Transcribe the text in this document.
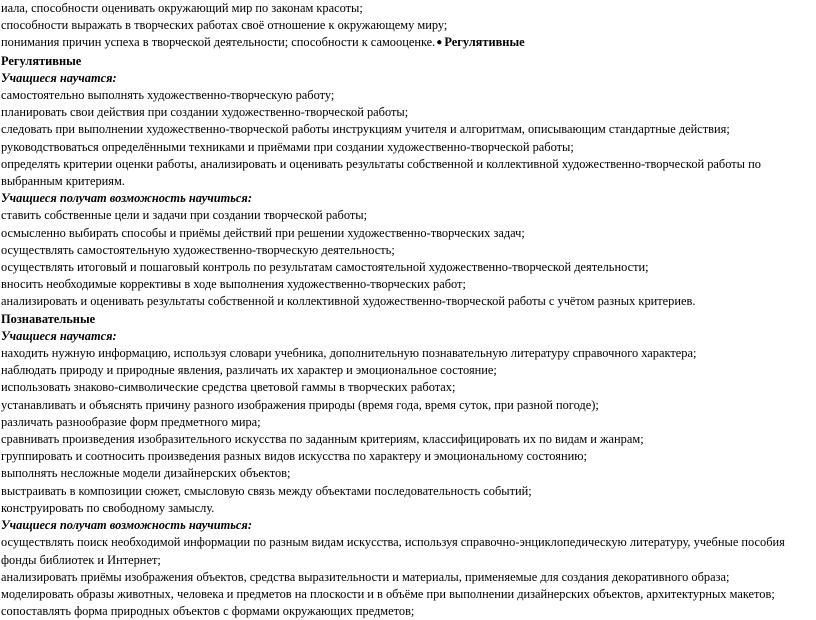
иала, способности оценивать окружающий мир по законам красоты;
способности выражать в творческих работах своё отношение к окружающему миру;
понимания причин успеха в творческой деятельности; способности к самооценке.● Регулятивные
Регулятивные
Учащиеся научатся:
самостоятельно выполнять художественно-творческую работу;
планировать свои действия при создании художественно-творческой работы;
следовать при выполнении художественно-творческой работы инструкциям учителя и алгоритмам, описывающим стандартные действия;
руководствоваться определёнными техниками и приёмами при создании художественно-творческой работы;
определять критерии оценки работы, анализировать и оценивать результаты собственной и коллективной художественно-творческой работы по выбранным критериям.
Учащиеся получат возможность научиться:
ставить собственные цели и задачи при создании творческой работы;
осмысленно выбирать способы и приёмы действий при решении художественно-творческих задач;
осуществлять самостоятельную художественно-творческую деятельность;
осуществлять итоговый и пошаговый контроль по результатам самостоятельной художественно-творческой деятельности;
вносить необходимые коррективы в ходе выполнения художественно-творческих работ;
анализировать и оценивать результаты собственной и коллективной художественно-творческой работы с учётом разных критериев.
Познавательные
Учащиеся научатся:
находить нужную информацию, используя словари учебника, дополнительную познавательную литературу справочного характера;
наблюдать природу и природные явления, различать их характер и эмоциональное состояние;
использовать знаково-символические средства цветовой гаммы в творческих работах;
устанавливать и объяснять причину разного изображения природы (время года, время суток, при разной погоде);
различать разнообразие форм предметного мира;
сравнивать произведения изобразительного искусства по заданным критериям, классифицировать их по видам и жанрам;
группировать и соотносить произведения разных видов искусства по характеру и эмоциональному состоянию;
выполнять несложные модели дизайнерских объектов;
выстраивать в композиции сюжет, смысловую связь между объектами последовательность событий;
конструировать по свободному замыслу.
Учащиеся получат возможность научиться:
осуществлять поиск необходимой информации по разным видам искусства, используя справочно-энциклопедическую литературу, учебные пособия фонды библиотек и Интернет;
анализировать приёмы изображения объектов, средства выразительности и материалы, применяемые для создания декоративного образа;
моделировать образы животных, человека и предметов на плоскости и в объёме при выполнении дизайнерских объектов, архитектурных макетов;
сопоставлять форма природных объектов с формами окружающих предметов;
